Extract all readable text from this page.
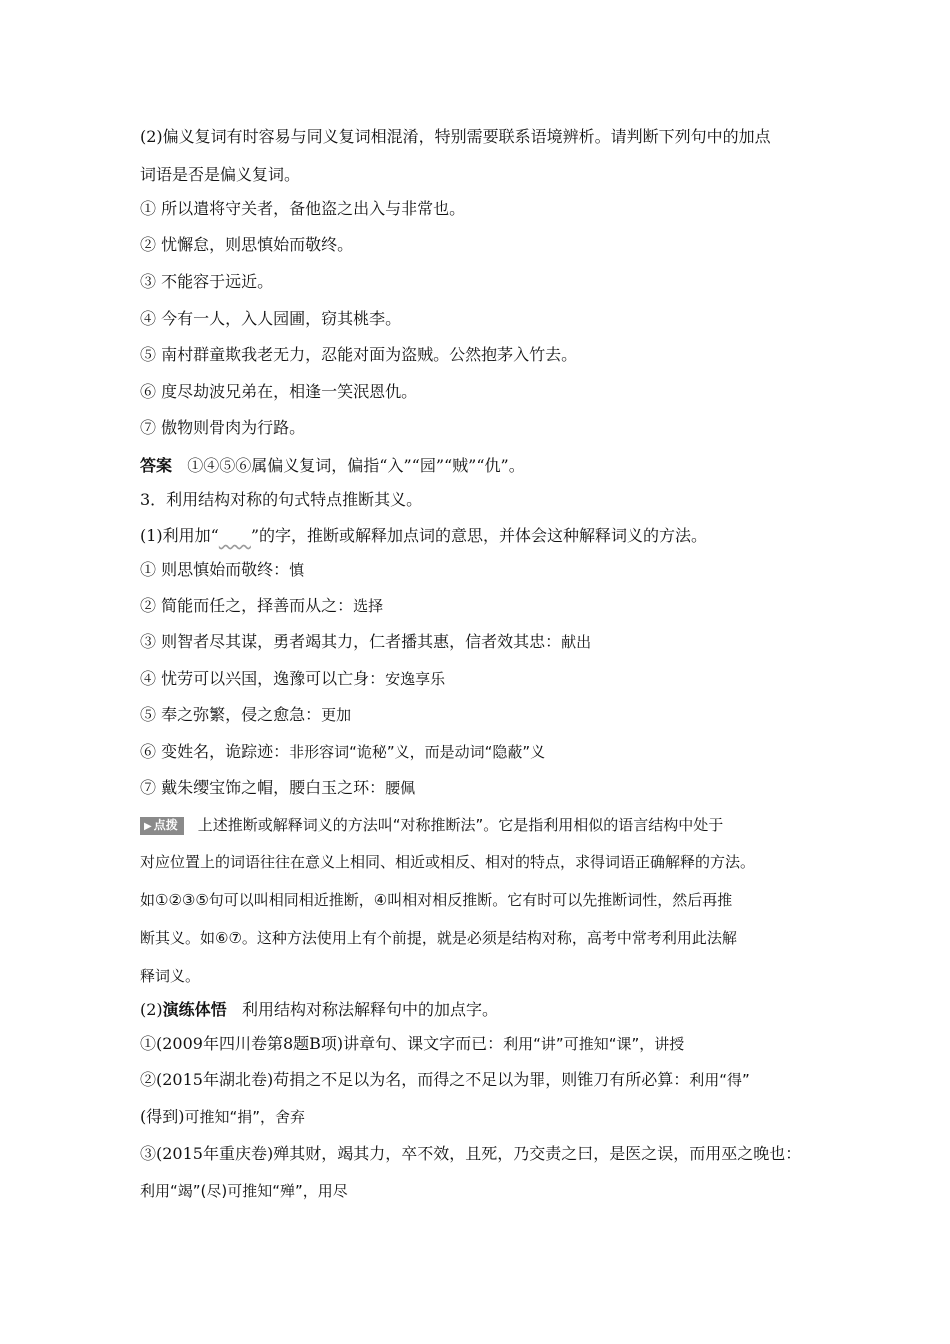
(2)偏义复词有时容易与同义复词相混淆，特别需要联系语境辨析。请判断下列句中的加点
词语是否是偏义复词。
① 所以遣将守关者，备他盗之出入与非常也。
② 忧懈怠，则思慎始而敬终。
③ 不能容于远近。
④ 今有一人，入人园圃，窃其桃李。
⑤ 南村群童欺我老无力，忍能对面为盗贼。公然抱茅入竹去。
⑥ 度尽劫波兄弟在，相逢一笑泯恩仇。
⑦ 傲物则骨肉为行路。
答案 ①④⑤⑥属偏义复词，偏指“入”“园”“贼”“仇”。
3．利用结构对称的句式特点推断其义。
(1)利用加“ ”的字，推断或解释加点词的意思，并体会这种解释词义的方法。
① 则思慎始而敬终：慎
② 简能而任之，择善而从之：选择
③ 则智者尽其谋，勇者竭其力，仁者播其惠，信者效其忠：献出
④ 忧劳可以兴国，逸豫可以亡身：安逸享乐
⑤ 奉之弥繁，侵之愈急：更加
⑥ 变姓名，诡踪迹：非形容词“诡秘”义，而是动词“隐蔽”义
⑦ 戴朱缨宝饰之帽，腰白玉之环：腰佩
▶ 点拨 上述推断或解释词义的方法叫“对称推断法”。它是指利用相似的语言结构中处于
对应位置上的词语往往在意义上相同、相近或相反、相对的特点，求得词语正确解释的方法。
如①②③⑤句可以叫相同相近推断，④叫相对相反推断。它有时可以先推断词性，然后再推
断其义。如⑥⑦。这种方法使用上有个前提，就是必须是结构对称，高考中常考利用此法解
释词义。
(2)演练体悟 利用结构对称法解释句中的加点字。
①(2009年四川卷第8题B项)讲章句、课文字而已：利用“讲”可推知“课”，讲授
②(2015年湖北卷)苟捐之不足以为名，而得之不足以为罪，则锥刀有所必算：利用“得”
(得到)可推知“捐”，舍弃
③(2015年重庆卷)殚其财，竭其力，卒不效，且死，乃交责之曰，是医之误，而用巫之晚也：
利用“竭”(尽)可推知“殚”，用尽
